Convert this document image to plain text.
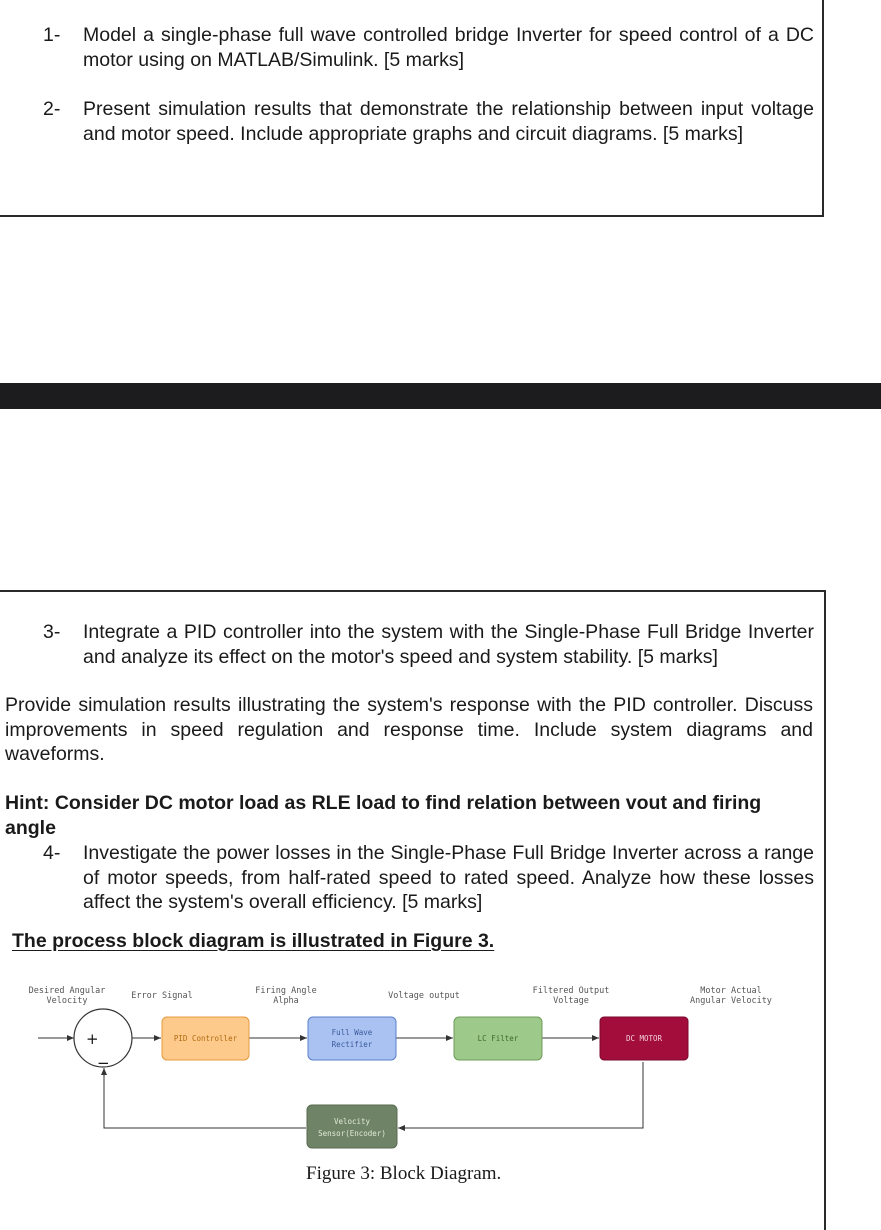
1- Model a single-phase full wave controlled bridge Inverter for speed control of a DC motor using on MATLAB/Simulink. [5 marks]
2- Present simulation results that demonstrate the relationship between input voltage and motor speed. Include appropriate graphs and circuit diagrams. [5 marks]
3- Integrate a PID controller into the system with the Single-Phase Full Bridge Inverter and analyze its effect on the motor's speed and system stability. [5 marks]
Provide simulation results illustrating the system's response with the PID controller. Discuss improvements in speed regulation and response time. Include system diagrams and waveforms.
Hint: Consider DC motor load as RLE load to find relation between vout and firing angle
4- Investigate the power losses in the Single-Phase Full Bridge Inverter across a range of motor speeds, from half-rated speed to rated speed. Analyze how these losses affect the system's overall efficiency. [5 marks]
The process block diagram is illustrated in Figure 3.
Desired Angular
Velocity	Error Signal	Firing Angle
Alpha	Voltage output	Filtered Output
Voltage
Motor Actual
Angular Velocity
+
−
PID Controller
Full Wave
Rectifier
LC Filter	DC MOTOR
Velocity
Sensor(Encoder)
Figure 3: Block Diagram.
